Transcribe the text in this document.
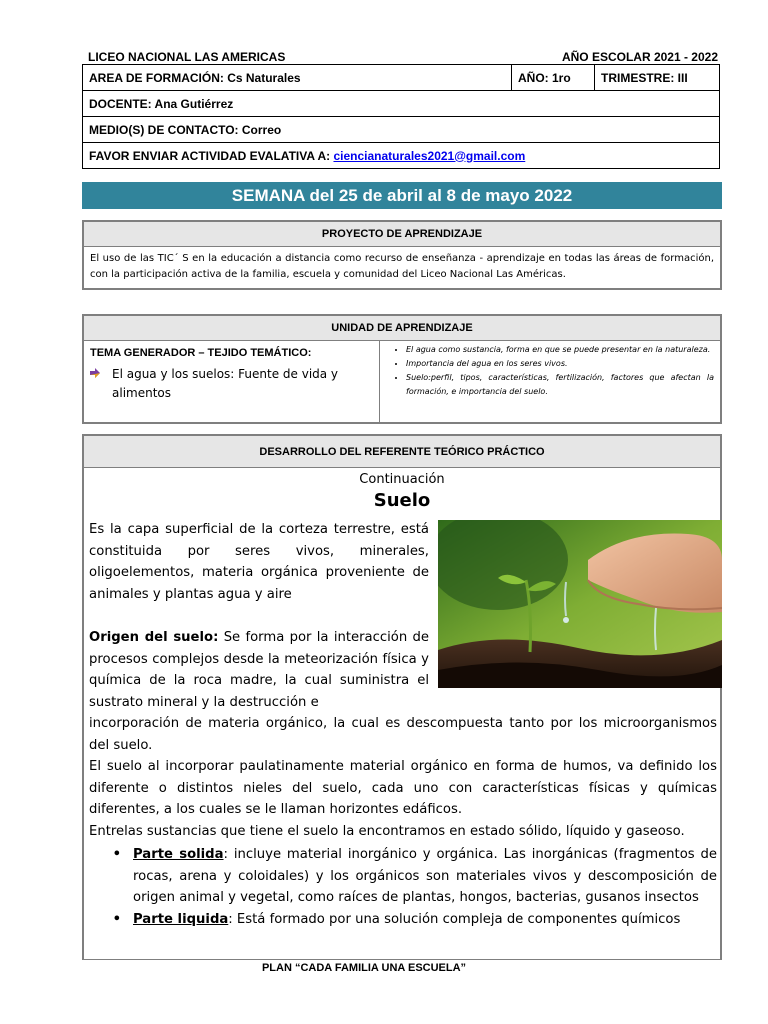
LICEO NACIONAL LAS AMERICAS	AÑO ESCOLAR 2021 - 2022
AREA DE FORMACIÓN: Cs Naturales	AÑO: 1ro	TRIMESTRE: III
DOCENTE: Ana Gutiérrez
MEDIO(S) DE CONTACTO: Correo
FAVOR ENVIAR ACTIVIDAD EVALATIVA A: ciencianaturales2021@gmail.com
SEMANA del 25 de abril al 8 de mayo 2022
PROYECTO DE APRENDIZAJE
El uso de las TIC´ S en la educación a distancia como recurso de enseñanza - aprendizaje en todas las áreas de formación, con la participación activa de la familia, escuela y comunidad del Liceo Nacional Las Américas.
UNIDAD DE APRENDIZAJE
TEMA GENERADOR – TEJIDO TEMÁTICO:
El agua y los suelos: Fuente de vida y alimentos
• El agua como sustancia, forma en que se puede presentar en la naturaleza.
• Importancia del agua en los seres vivos.
• Suelo:perfil, tipos, características, fertilización, factores que afectan la formación, e importancia del suelo.
DESARROLLO DEL REFERENTE TEÓRICO PRÁCTICO
Continuación
Suelo

Es la capa superficial de la corteza terrestre, está constituida por seres vivos, minerales, oligoelementos, materia orgánica proveniente de animales y plantas agua y aire

Origen del suelo: Se forma por la interacción de procesos complejos desde la meteorización física y química de la roca madre, la cual suministra el sustrato mineral y la destrucción e

incorporación de materia orgánico, la cual es descompuesta tanto por los microorganismos del suelo.

El suelo al incorporar paulatinamente material orgánico en forma de humos, va definido los diferente o distintos nieles del suelo, cada uno con características físicas y químicas diferentes, a los cuales se le llaman horizontes edáficos.

Entrelas sustancias que tiene el suelo la encontramos en estado sólido, líquido y gaseoso.

• Parte solida: incluye material inorgánico y orgánica. Las inorgánicas (fragmentos de rocas, arena y coloidales) y los orgánicos son materiales vivos y descomposición de origen animal y vegetal, como raíces de plantas, hongos, bacterias, gusanos insectos
• Parte liquida: Está formado por una solución compleja de componentes químicos
PLAN “CADA FAMILIA UNA ESCUELA”
